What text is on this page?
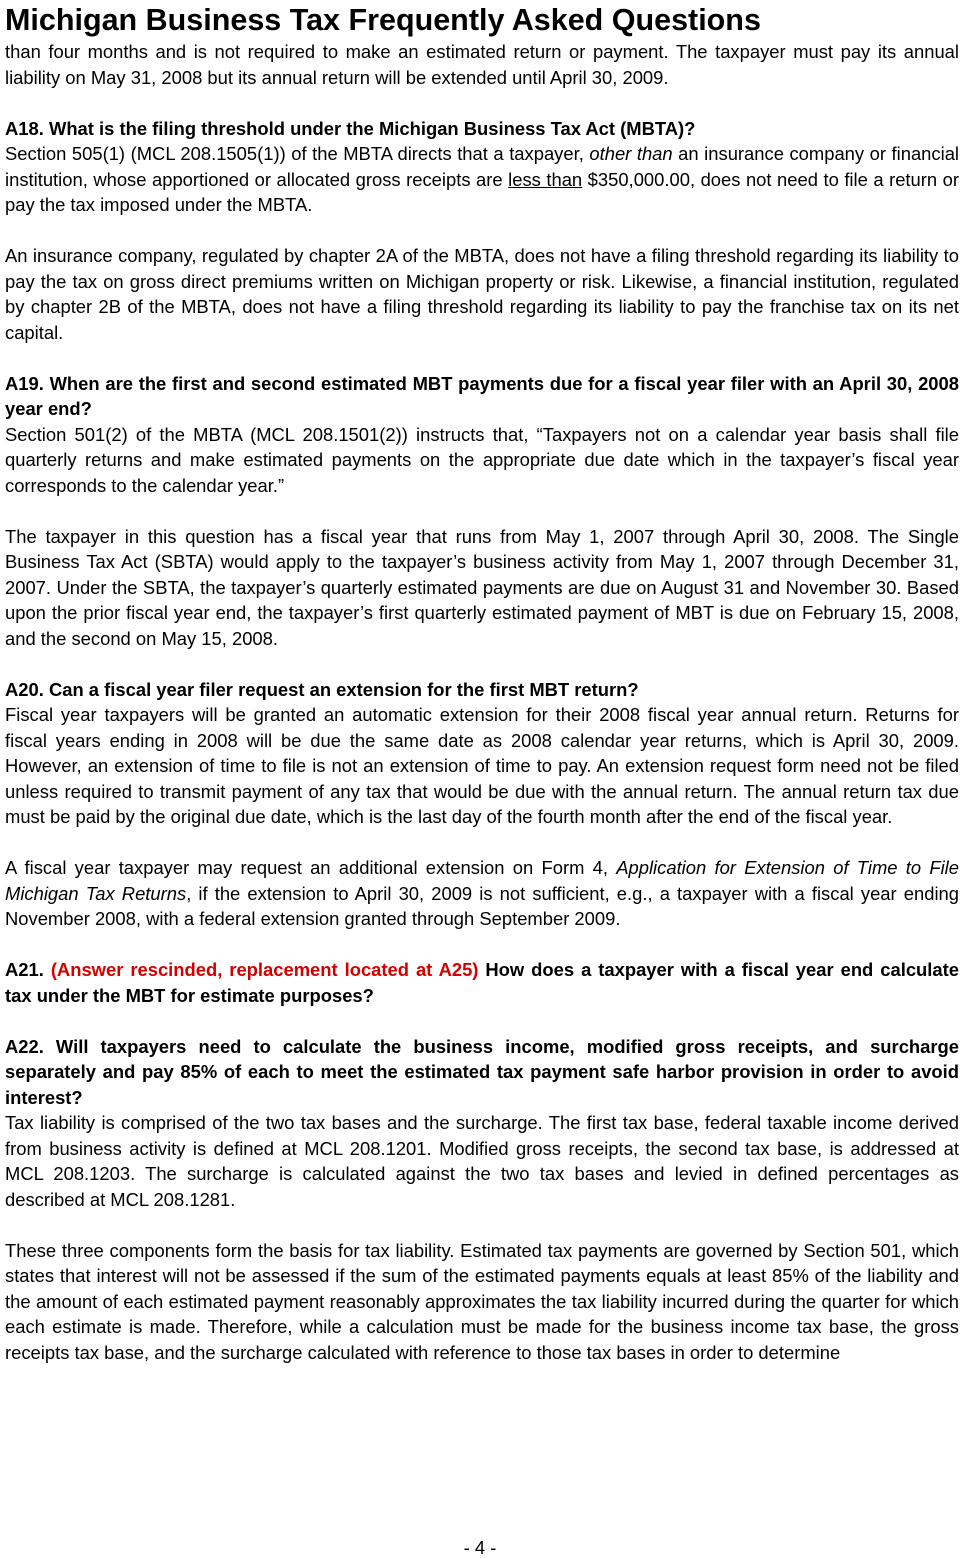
Michigan Business Tax Frequently Asked Questions

than four months and is not required to make an estimated return or payment. The taxpayer must pay its annual liability on May 31, 2008 but its annual return will be extended until April 30, 2009.

A18. What is the filing threshold under the Michigan Business Tax Act (MBTA)?

Section 505(1) (MCL 208.1505(1)) of the MBTA directs that a taxpayer, other than an insurance company or financial institution, whose apportioned or allocated gross receipts are less than $350,000.00, does not need to file a return or pay the tax imposed under the MBTA.

An insurance company, regulated by chapter 2A of the MBTA, does not have a filing threshold regarding its liability to pay the tax on gross direct premiums written on Michigan property or risk. Likewise, a financial institution, regulated by chapter 2B of the MBTA, does not have a filing threshold regarding its liability to pay the franchise tax on its net capital.

A19. When are the first and second estimated MBT payments due for a fiscal year filer with an April 30, 2008 year end?

Section 501(2) of the MBTA (MCL 208.1501(2)) instructs that, “Taxpayers not on a calendar year basis shall file quarterly returns and make estimated payments on the appropriate due date which in the taxpayer’s fiscal year corresponds to the calendar year.”

The taxpayer in this question has a fiscal year that runs from May 1, 2007 through April 30, 2008. The Single Business Tax Act (SBTA) would apply to the taxpayer’s business activity from May 1, 2007 through December 31, 2007. Under the SBTA, the taxpayer’s quarterly estimated payments are due on August 31 and November 30. Based upon the prior fiscal year end, the taxpayer’s first quarterly estimated payment of MBT is due on February 15, 2008, and the second on May 15, 2008.

A20. Can a fiscal year filer request an extension for the first MBT return?

Fiscal year taxpayers will be granted an automatic extension for their 2008 fiscal year annual return. Returns for fiscal years ending in 2008 will be due the same date as 2008 calendar year returns, which is April 30, 2009. However, an extension of time to file is not an extension of time to pay. An extension request form need not be filed unless required to transmit payment of any tax that would be due with the annual return. The annual return tax due must be paid by the original due date, which is the last day of the fourth month after the end of the fiscal year.

A fiscal year taxpayer may request an additional extension on Form 4, Application for Extension of Time to File Michigan Tax Returns, if the extension to April 30, 2009 is not sufficient, e.g., a taxpayer with a fiscal year ending November 2008, with a federal extension granted through September 2009.

A21. (Answer rescinded, replacement located at A25) How does a taxpayer with a fiscal year end calculate tax under the MBT for estimate purposes?

A22. Will taxpayers need to calculate the business income, modified gross receipts, and surcharge separately and pay 85% of each to meet the estimated tax payment safe harbor provision in order to avoid interest?

Tax liability is comprised of the two tax bases and the surcharge. The first tax base, federal taxable income derived from business activity is defined at MCL 208.1201. Modified gross receipts, the second tax base, is addressed at MCL 208.1203. The surcharge is calculated against the two tax bases and levied in defined percentages as described at MCL 208.1281.

These three components form the basis for tax liability. Estimated tax payments are governed by Section 501, which states that interest will not be assessed if the sum of the estimated payments equals at least 85% of the liability and the amount of each estimated payment reasonably approximates the tax liability incurred during the quarter for which each estimate is made. Therefore, while a calculation must be made for the business income tax base, the gross receipts tax base, and the surcharge calculated with reference to those tax bases in order to determine

- 4 -
